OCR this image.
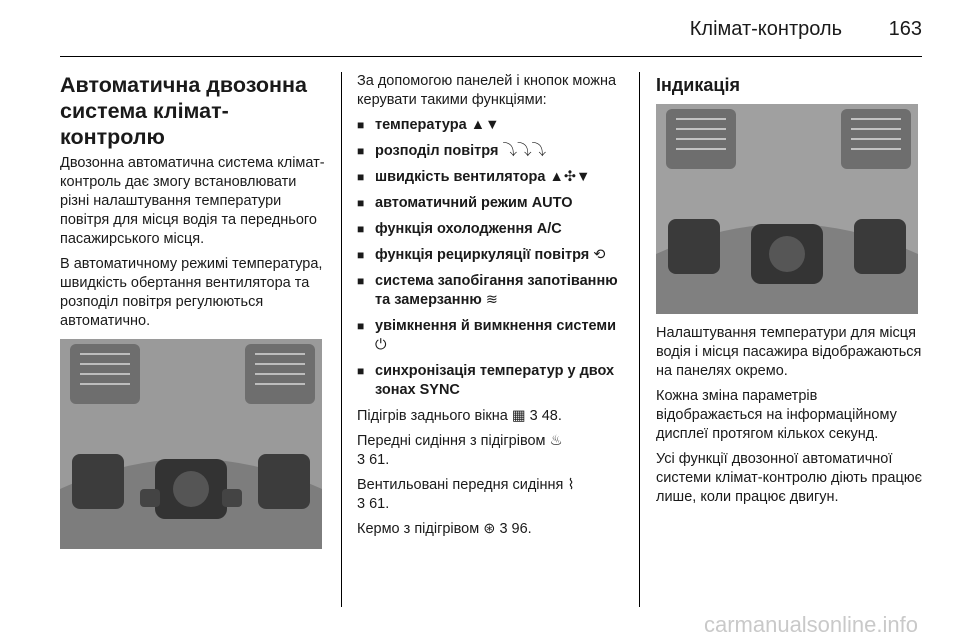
Клімат-контроль 163
Автоматична двозонна система клімат-контролю

Двозонна автоматична система клімат-контроль дає змогу встановлювати різні налаштування температури повітря для місця водія та переднього пасажирського місця.

В автоматичному режимі температура, швидкість обертання вентилятора та розподіл повітря регулюються автоматично.

За допомогою панелей і кнопок можна керувати такими функціями:

■ температура ▲▼
■ розподіл повітря ⤵⤵⤵
■ швидкість вентилятора ▲✣▼
■ автоматичний режим AUTO
■ функція охолодження A/C
■ функція рециркуляції повітря ⟲
■ система запобігання запотіванню та замерзанню ≋
■ увімкнення й вимкнення системи
⏻
■ синхронізація температур у двох зонах SYNC

Підігрів заднього вікна ▦ 3 48.

Передні сидіння з підігрівом ♨
3 61.

Вентильовані передня сидіння ⌇
3 61.

Кермо з підігрівом ⊛ 3 96.

Індикація

Налаштування температури для місця водія і місця пасажира відображаються на панелях окремо.

Кожна зміна параметрів відображається на інформаційному дисплеї протягом кількох секунд.

Усі функції двозонної автоматичної системи клімат-контролю діють працює лише, коли працює двигун.

carmanualsonline.info
